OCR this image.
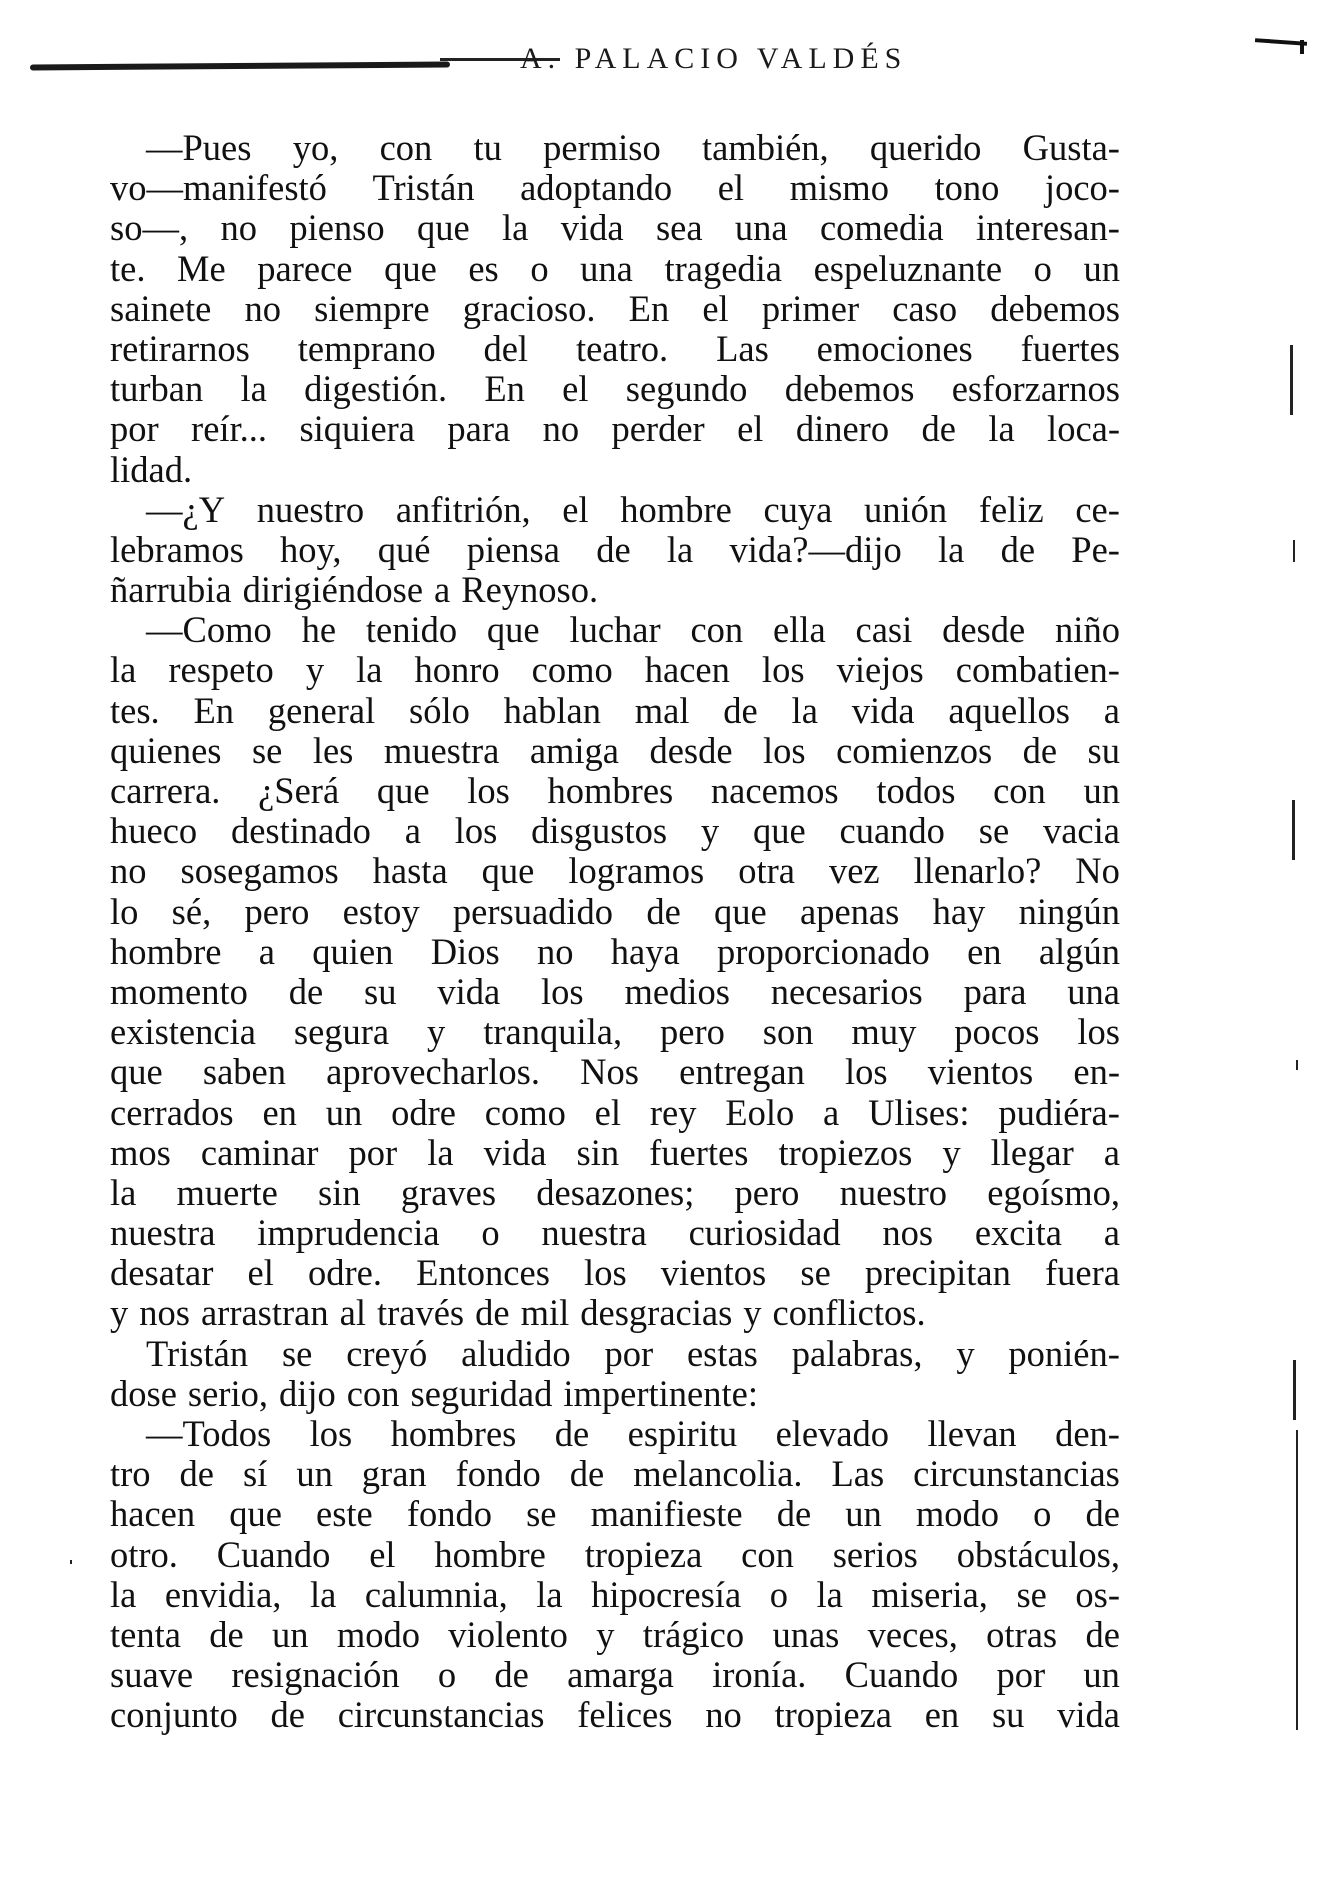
A. PALACIO VALDÉS
—Pues yo, con tu permiso también, querido Gusta-
vo—manifestó Tristán adoptando el mismo tono joco-
so—, no pienso que la vida sea una comedia interesan-
te. Me parece que es o una tragedia espeluznante o un
sainete no siempre gracioso. En el primer caso debemos
retirarnos temprano del teatro. Las emociones fuertes
turban la digestión. En el segundo debemos esforzarnos
por reír... siquiera para no perder el dinero de la loca-
lidad.
—¿Y nuestro anfitrión, el hombre cuya unión feliz ce-
lebramos hoy, qué piensa de la vida?—dijo la de Pe-
ñarrubia dirigiéndose a Reynoso.
—Como he tenido que luchar con ella casi desde niño
la respeto y la honro como hacen los viejos combatien-
tes. En general sólo hablan mal de la vida aquellos a
quienes se les muestra amiga desde los comienzos de su
carrera. ¿Será que los hombres nacemos todos con un
hueco destinado a los disgustos y que cuando se vacia
no sosegamos hasta que logramos otra vez llenarlo? No
lo sé, pero estoy persuadido de que apenas hay ningún
hombre a quien Dios no haya proporcionado en algún
momento de su vida los medios necesarios para una
existencia segura y tranquila, pero son muy pocos los
que saben aprovecharlos. Nos entregan los vientos en-
cerrados en un odre como el rey Eolo a Ulises: pudiéra-
mos caminar por la vida sin fuertes tropiezos y llegar a
la muerte sin graves desazones; pero nuestro egoísmo,
nuestra imprudencia o nuestra curiosidad nos excita a
desatar el odre. Entonces los vientos se precipitan fuera
y nos arrastran al través de mil desgracias y conflictos.
Tristán se creyó aludido por estas palabras, y ponién-
dose serio, dijo con seguridad impertinente:
—Todos los hombres de espiritu elevado llevan den-
tro de sí un gran fondo de melancolia. Las circunstancias
hacen que este fondo se manifieste de un modo o de
otro. Cuando el hombre tropieza con serios obstáculos,
la envidia, la calumnia, la hipocresía o la miseria, se os-
tenta de un modo violento y trágico unas veces, otras de
suave resignación o de amarga ironía. Cuando por un
conjunto de circunstancias felices no tropieza en su vida
